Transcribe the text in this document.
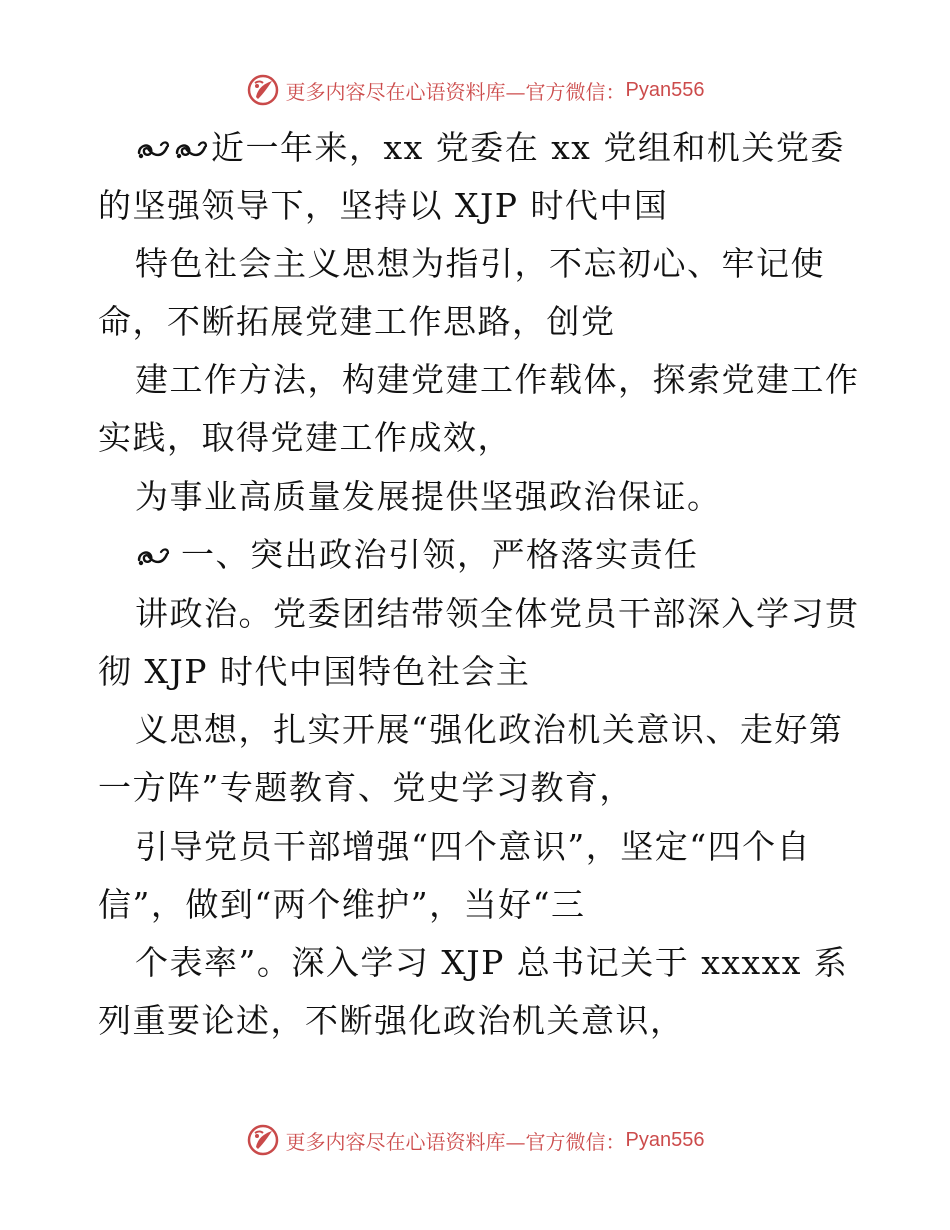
更多内容尽在心语资料库—官方微信： Pyan556
近一年来，xx 党委在 xx 党组和机关党委
的坚强领导下，坚持以 XJP 时代中国
特色社会主义思想为指引，不忘初心、牢记使
命，不断拓展党建工作思路，创党
建工作方法，构建党建工作载体，探索党建工作
实践，取得党建工作成效，
为事业高质量发展提供坚强政治保证。
一、突出政治引领，严格落实责任
讲政治。党委团结带领全体党员干部深入学习贯
彻 XJP 时代中国特色社会主
义思想，扎实开展“强化政治机关意识、走好第
一方阵”专题教育、党史学习教育，
引导党员干部增强“四个意识”，坚定“四个自
信”，做到“两个维护”，当好“三
个表率”。深入学习 XJP 总书记关于 xxxxx 系
列重要论述，不断强化政治机关意识，
更多内容尽在心语资料库—官方微信： Pyan556
